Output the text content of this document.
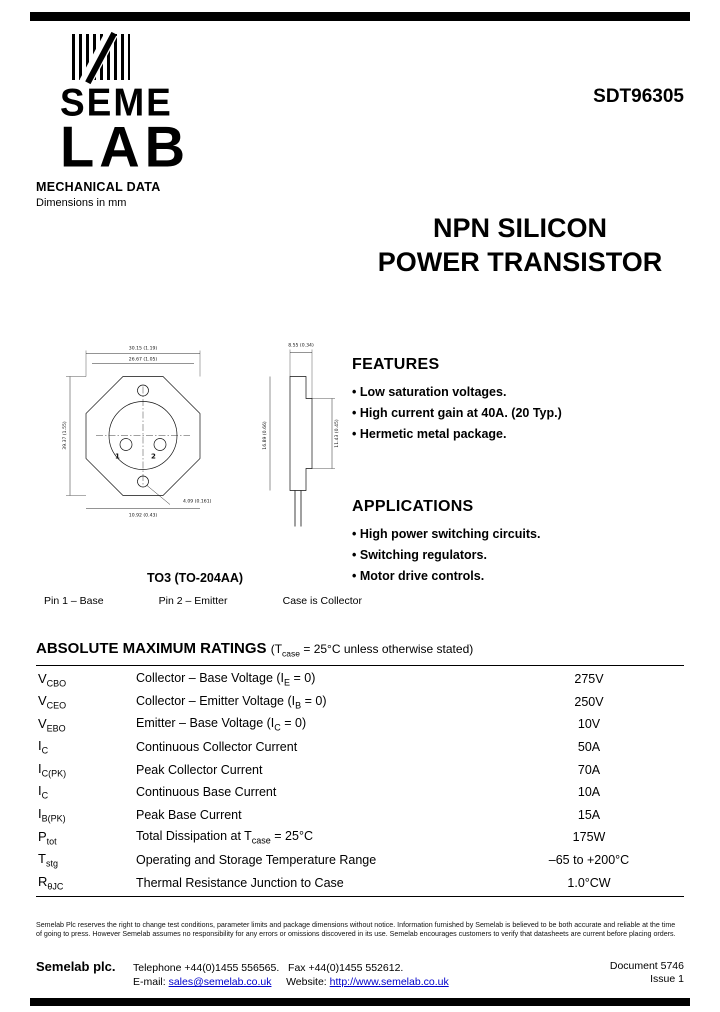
SEME
LAB
SDT96305
MECHANICAL DATA
Dimensions in mm
NPN SILICON
POWER TRANSISTOR
1	2
30.15 (1.19)
26.67 (1.05)
39.37 (1.55)
10.92 (0.43)
16.89 (0.66)
8.55 (0.34)
11.43 (0.45)
4.09 (0.161)
TO3 (TO-204AA)
Pin 1 – Base	Pin 2 – Emitter	Case is Collector
FEATURES
• Low saturation voltages.
• High current gain at 40A. (20 Typ.)
• Hermetic metal package.
APPLICATIONS
• High power switching circuits.
• Switching regulators.
• Motor drive controls.
ABSOLUTE MAXIMUM RATINGS ($T_{case} = 25^\circ C$ unless otherwise stated)
$V_{CBO}$	Collector – Base Voltage $(I_E = 0)$	275V
$V_{CEO}$	Collector – Emitter Voltage $(I_B = 0)$	250V
$V_{EBO}$	Emitter – Base Voltage $(I_C = 0)$	10V
$I_C$	Continuous Collector Current	50A
$I_{C(PK)}$	Peak Collector Current	70A
$I_C$	Continuous Base Current	10A
$I_{B(PK)}$	Peak Base Current	15A
$P_{tot}$	Total Dissipation at $T_{case} = 25^\circ C$	175W
$T_{stg}$	Operating and Storage Temperature Range	–65 to +200°C
$R_{\theta JC}$	Thermal Resistance Junction to Case	1.0°CW
Semelab Plc reserves the right to change test conditions, parameter limits and package dimensions without notice. Information furnished by Semelab is believed to be both accurate and reliable at the time of going to press. However Semelab assumes no responsibility for any errors or omissions discovered in its use. Semelab encourages customers to verify that datasheets are current before placing orders.
Semelab plc. Telephone +44(0)1455 556565. Fax +44(0)1455 552612.
E-mail: sales@semelab.co.uk Website: http://www.semelab.co.uk
Document 5746
Issue 1
